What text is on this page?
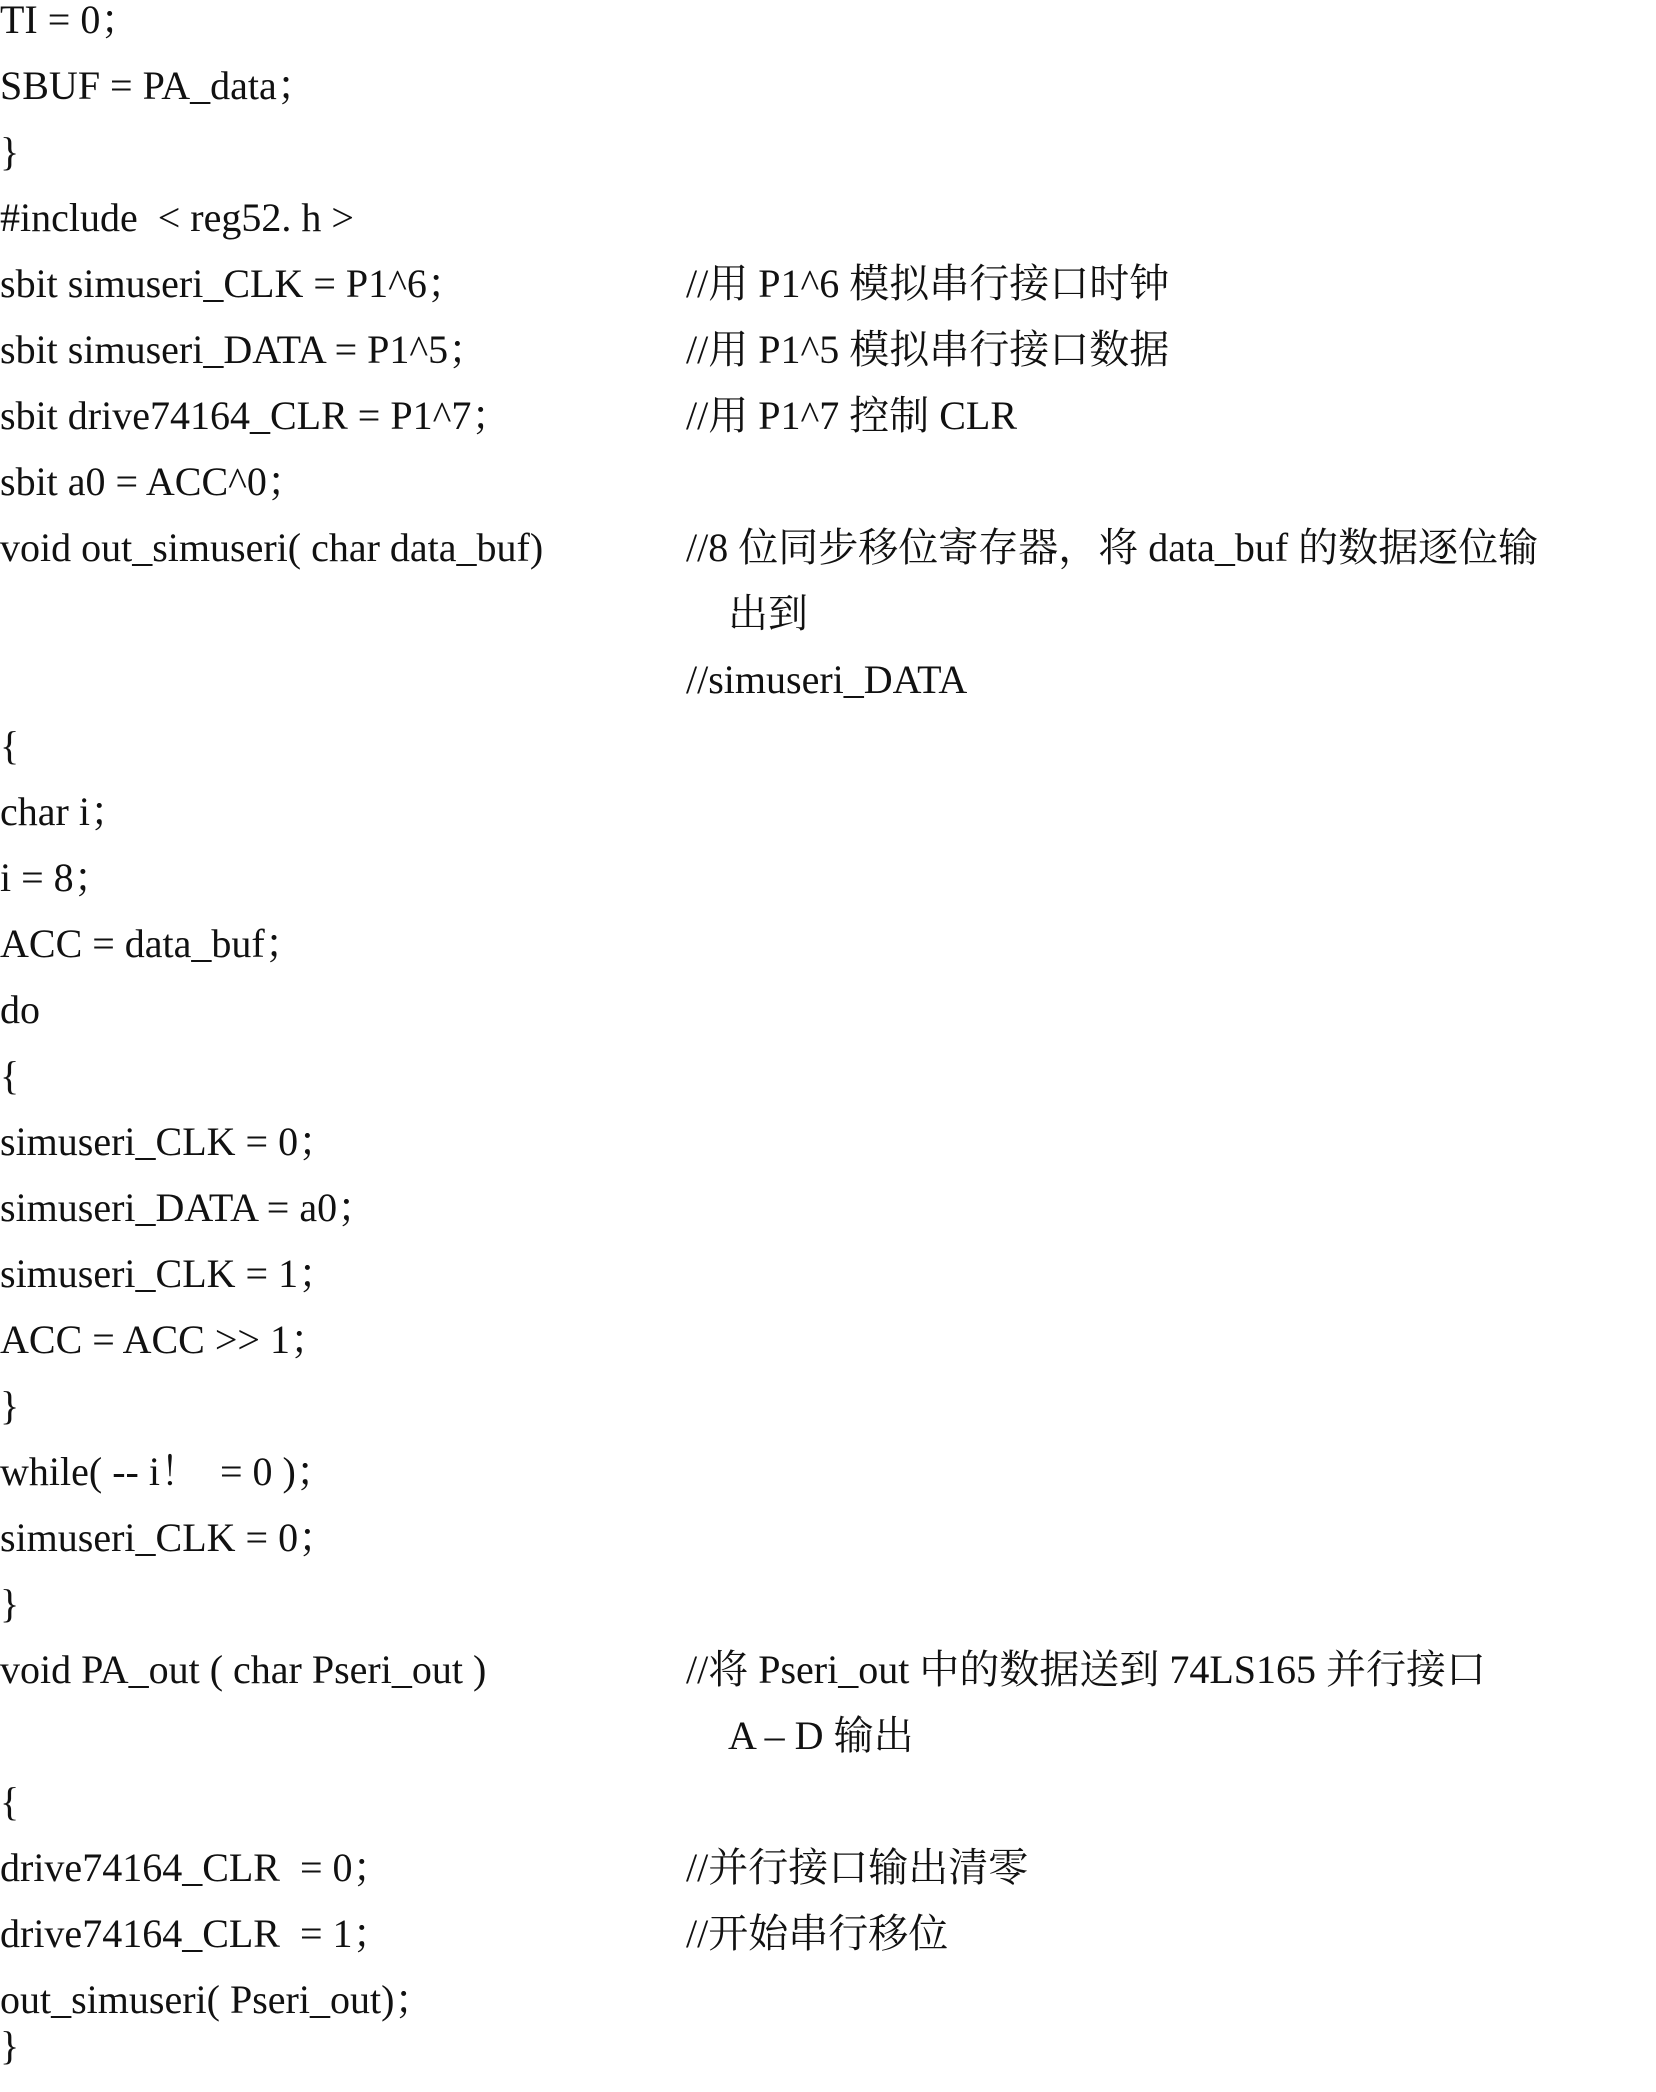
TI = 0；
SBUF = PA_data；
}
#include  < reg52. h >
sbit simuseri_CLK = P1^6；	//用 P1^6 模拟串行接口时钟
sbit simuseri_DATA = P1^5；	//用 P1^5 模拟串行接口数据
sbit drive74164_CLR = P1^7；	//用 P1^7 控制 CLR
sbit a0 = ACC^0；
void out_simuseri( char data_buf)	//8 位同步移位寄存器，将 data_buf 的数据逐位输
出到
//simuseri_DATA
{
char i；
i = 8；
ACC = data_buf；
do
{
simuseri_CLK = 0；
simuseri_DATA = a0；
simuseri_CLK = 1；
ACC = ACC >> 1；
}
while( -- i！  = 0 )；
simuseri_CLK = 0；
}
void PA_out ( char Pseri_out )	//将 Pseri_out 中的数据送到 74LS165 并行接口
A – D 输出
{
drive74164_CLR  = 0；	//并行接口输出清零
drive74164_CLR  = 1；	//开始串行移位
out_simuseri( Pseri_out)；
}
